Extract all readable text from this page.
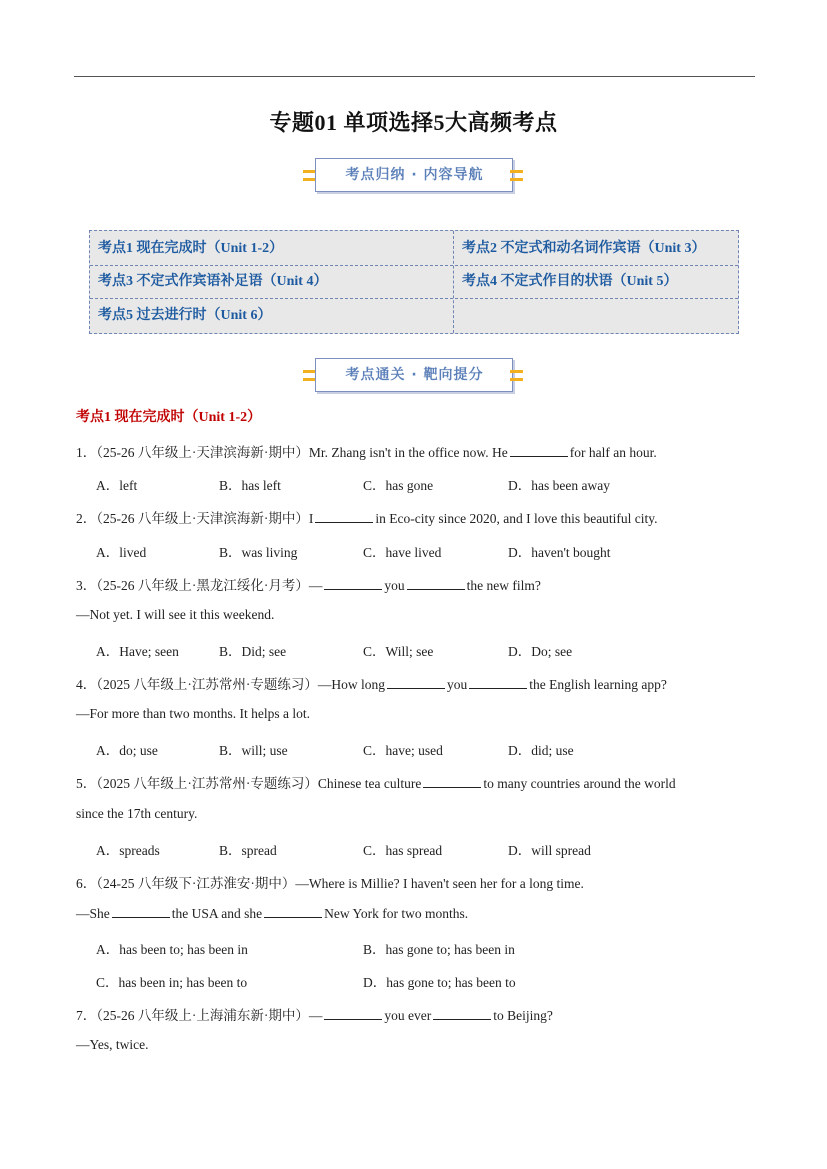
专题01 单项选择5大高频考点
考点归纳 · 内容导航
考点1 现在完成时（Unit 1-2）	考点2 不定式和动名词作宾语（Unit 3）
考点3 不定式作宾语补足语（Unit 4）	考点4 不定式作目的状语（Unit 5）
考点5 过去进行时（Unit 6）
考点通关 · 靶向提分
考点1 现在完成时（Unit 1-2）
1．（25-26 八年级上·天津滨海新·期中）Mr. Zhang isn't in the office now. He	for half an hour.
A．left	B．has left	C．has gone	D．has been away
2．（25-26 八年级上·天津滨海新·期中）I	in Eco-city since 2020, and I love this beautiful city.
A．lived	B．was living	C．have lived	D．haven't bought
3．（25-26 八年级上·黑龙江绥化·月考）—	you	the new film?
—Not yet. I will see it this weekend.
A．Have; seen	B．Did; see	C．Will; see	D．Do; see
4．（2025 八年级上·江苏常州·专题练习）—How long	you	the English learning app?
—For more than two months. It helps a lot.
A．do; use	B．will; use	C．have; used	D．did; use
5．（2025 八年级上·江苏常州·专题练习）Chinese tea culture	to many countries around the world
since the 17th century.
A．spreads	B．spread	C．has spread	D．will spread
6．（24-25 八年级下·江苏淮安·期中）—Where is Millie? I haven't seen her for a long time.
—She	the USA and she	New York for two months.
A．has been to; has been in	B．has gone to; has been in
C．has been in; has been to	D．has gone to; has been to
7．（25-26 八年级上·上海浦东新·期中）—	you ever	to Beijing?
—Yes, twice.
